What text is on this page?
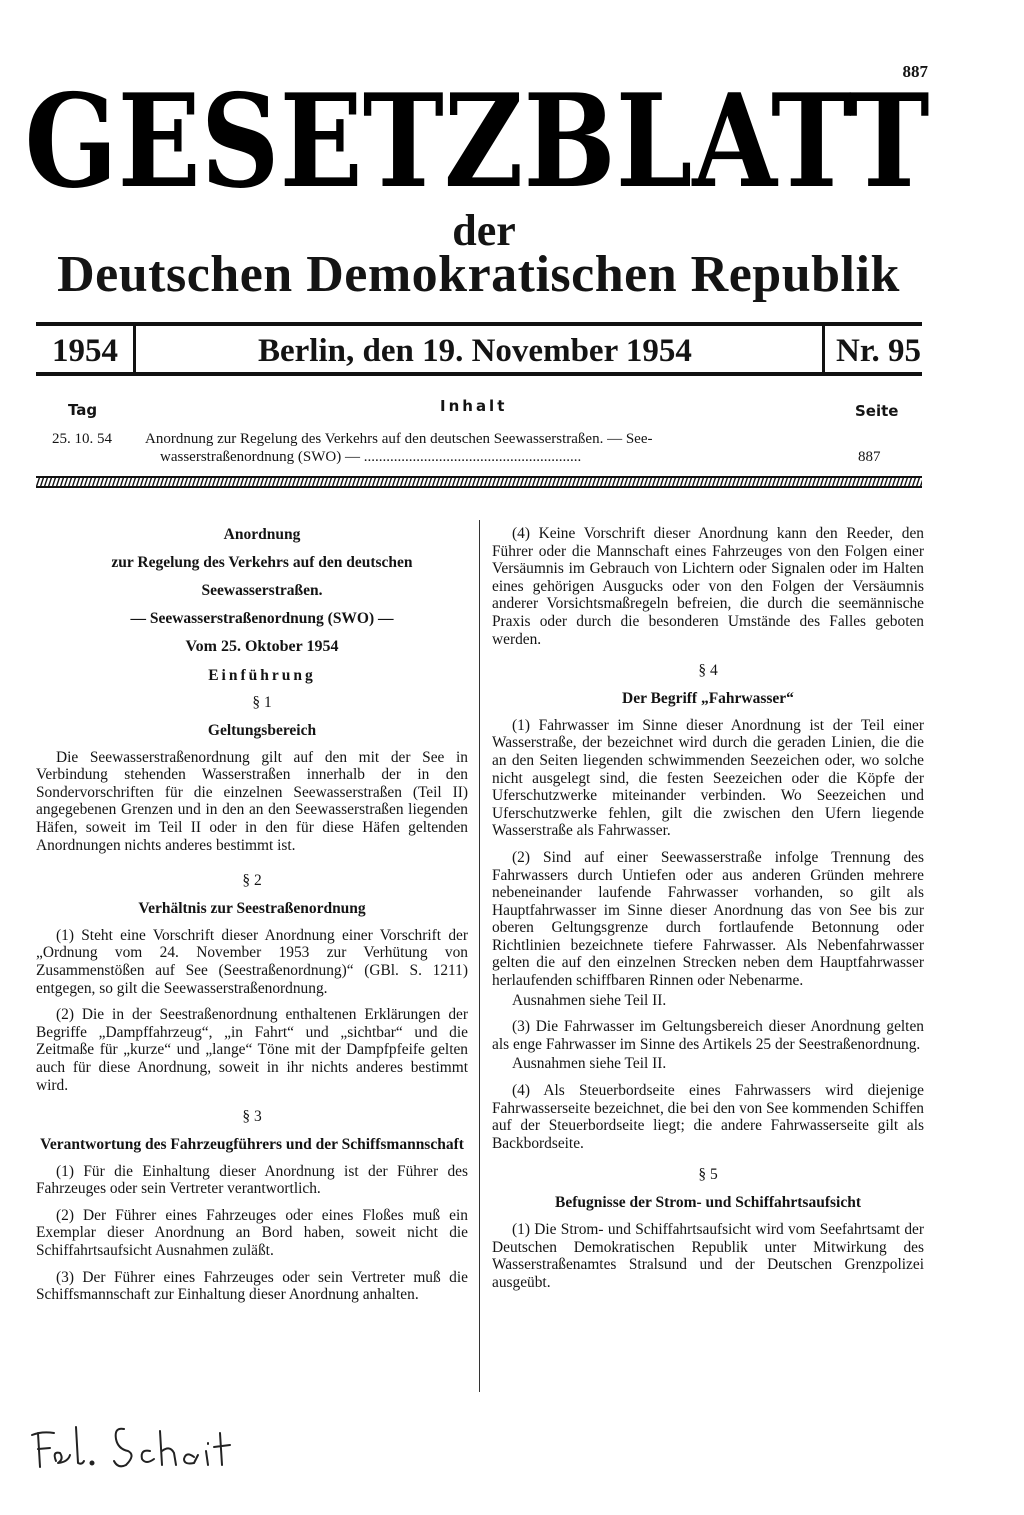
887
GESETZBLATT
der
Deutschen Demokratischen Republik
1954	Berlin, den 19. November 1954	Nr. 95
Tag	Inhalt	Seite
25. 10. 54 Anordnung zur Regelung des Verkehrs auf den deutschen Seewasserstraßen. — See-
wasserstraßenordnung (SWO) — ..........................................................	887

Anordnung

zur Regelung des Verkehrs auf den deutschen

Seewasserstraßen.

— Seewasserstraßenordnung (SWO) —

Vom 25. Oktober 1954

Einführung

§ 1

Geltungsbereich

Die Seewasserstraßenordnung gilt auf den mit der See in Verbindung stehenden Wasserstraßen innerhalb der in den Sondervorschriften für die einzelnen Seewasserstraßen (Teil II) angegebenen Grenzen und in den an den Seewasserstraßen liegenden Häfen, soweit im Teil II oder in den für diese Häfen geltenden Anordnungen nichts anderes bestimmt ist.

§ 2

Verhältnis zur Seestraßenordnung

(1) Steht eine Vorschrift dieser Anordnung einer Vorschrift der „Ordnung vom 24. November 1953 zur Verhütung von Zusammenstößen auf See (Seestraßenordnung)“ (GBl. S. 1211) entgegen, so gilt die Seewasserstraßenordnung.

(2) Die in der Seestraßenordnung enthaltenen Erklärungen der Begriffe „Dampffahrzeug“, „in Fahrt“ und „sichtbar“ und die Zeitmaße für „kurze“ und „lange“ Töne mit der Dampfpfeife gelten auch für diese Anordnung, soweit in ihr nichts anderes bestimmt wird.

§ 3

Verantwortung des Fahrzeugführers und der Schiffsmannschaft

(1) Für die Einhaltung dieser Anordnung ist der Führer des Fahrzeuges oder sein Vertreter verantwortlich.

(2) Der Führer eines Fahrzeuges oder eines Floßes muß ein Exemplar dieser Anordnung an Bord haben, soweit nicht die Schiffahrtsaufsicht Ausnahmen zuläßt.

(3) Der Führer eines Fahrzeuges oder sein Vertreter muß die Schiffsmannschaft zur Einhaltung dieser Anordnung anhalten.

(4) Keine Vorschrift dieser Anordnung kann den Reeder, den Führer oder die Mannschaft eines Fahrzeuges von den Folgen einer Versäumnis im Gebrauch von Lichtern oder Signalen oder im Halten eines gehörigen Ausgucks oder von den Folgen der Versäumnis anderer Vorsichtsmaßregeln befreien, die durch die seemännische Praxis oder durch die besonderen Umstände des Falles geboten werden.

§ 4

Der Begriff „Fahrwasser“

(1) Fahrwasser im Sinne dieser Anordnung ist der Teil einer Wasserstraße, der bezeichnet wird durch die geraden Linien, die die an den Seiten liegenden schwimmenden Seezeichen oder, wo solche nicht ausgelegt sind, die festen Seezeichen oder die Köpfe der Uferschutzwerke miteinander verbinden. Wo Seezeichen und Uferschutzwerke fehlen, gilt die zwischen den Ufern liegende Wasserstraße als Fahrwasser.

(2) Sind auf einer Seewasserstraße infolge Trennung des Fahrwassers durch Untiefen oder aus anderen Gründen mehrere nebeneinander laufende Fahrwasser vorhanden, so gilt als Hauptfahrwasser im Sinne dieser Anordnung das von See bis zur oberen Geltungsgrenze durch fortlaufende Betonnung oder Richtlinien bezeichnete tiefere Fahrwasser. Als Nebenfahrwasser gelten die auf den einzelnen Strecken neben dem Hauptfahrwasser herlaufenden schiffbaren Rinnen oder Nebenarme.

Ausnahmen siehe Teil II.

(3) Die Fahrwasser im Geltungsbereich dieser Anordnung gelten als enge Fahrwasser im Sinne des Artikels 25 der Seestraßenordnung.

Ausnahmen siehe Teil II.

(4) Als Steuerbordseite eines Fahrwassers wird diejenige Fahrwasserseite bezeichnet, die bei den von See kommenden Schiffen auf der Steuerbordseite liegt; die andere Fahrwasserseite gilt als Backbordseite.

§ 5

Befugnisse der Strom- und Schiffahrtsaufsicht

(1) Die Strom- und Schiffahrtsaufsicht wird vom Seefahrtsamt der Deutschen Demokratischen Republik unter Mitwirkung des Wasserstraßenamtes Stralsund und der Deutschen Grenzpolizei ausgeübt.
